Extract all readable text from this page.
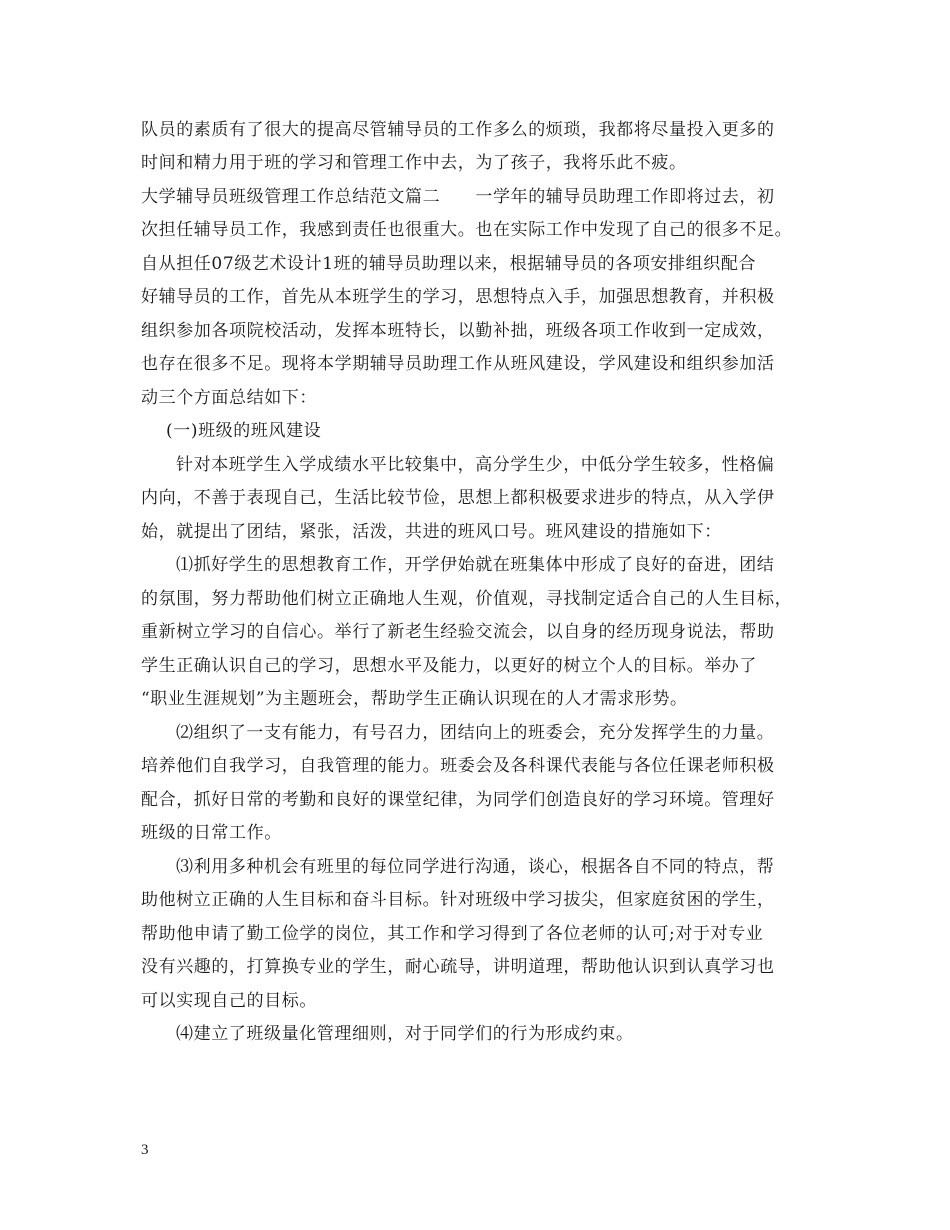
队员的素质有了很大的提高尽管辅导员的工作多么的烦琐，我都将尽量投入更多的
时间和精力用于班的学习和管理工作中去，为了孩子，我将乐此不疲。
大学辅导员班级管理工作总结范文篇二　　一学年的辅导员助理工作即将过去，初
次担任辅导员工作，我感到责任也很重大。也在实际工作中发现了自己的很多不足。
自从担任07级艺术设计1班的辅导员助理以来，根据辅导员的各项安排组织配合
好辅导员的工作，首先从本班学生的学习，思想特点入手，加强思想教育，并积极
组织参加各项院校活动，发挥本班特长，以勤补拙，班级各项工作收到一定成效，
也存在很多不足。现将本学期辅导员助理工作从班风建设，学风建设和组织参加活
动三个方面总结如下：
(一)班级的班风建设
针对本班学生入学成绩水平比较集中，高分学生少，中低分学生较多，性格偏
内向，不善于表现自己，生活比较节俭，思想上都积极要求进步的特点，从入学伊
始，就提出了团结，紧张，活泼，共进的班风口号。班风建设的措施如下：
⑴抓好学生的思想教育工作，开学伊始就在班集体中形成了良好的奋进，团结
的氛围，努力帮助他们树立正确地人生观，价值观，寻找制定适合自己的人生目标，
重新树立学习的自信心。举行了新老生经验交流会，以自身的经历现身说法，帮助
学生正确认识自己的学习，思想水平及能力，以更好的树立个人的目标。举办了
“职业生涯规划”为主题班会，帮助学生正确认识现在的人才需求形势。
⑵组织了一支有能力，有号召力，团结向上的班委会，充分发挥学生的力量。
培养他们自我学习，自我管理的能力。班委会及各科课代表能与各位任课老师积极
配合，抓好日常的考勤和良好的课堂纪律，为同学们创造良好的学习环境。管理好
班级的日常工作。
⑶利用多种机会有班里的每位同学进行沟通，谈心，根据各自不同的特点，帮
助他树立正确的人生目标和奋斗目标。针对班级中学习拔尖，但家庭贫困的学生，
帮助他申请了勤工俭学的岗位，其工作和学习得到了各位老师的认可;对于对专业
没有兴趣的，打算换专业的学生，耐心疏导，讲明道理，帮助他认识到认真学习也
可以实现自己的目标。
⑷建立了班级量化管理细则，对于同学们的行为形成约束。
3
